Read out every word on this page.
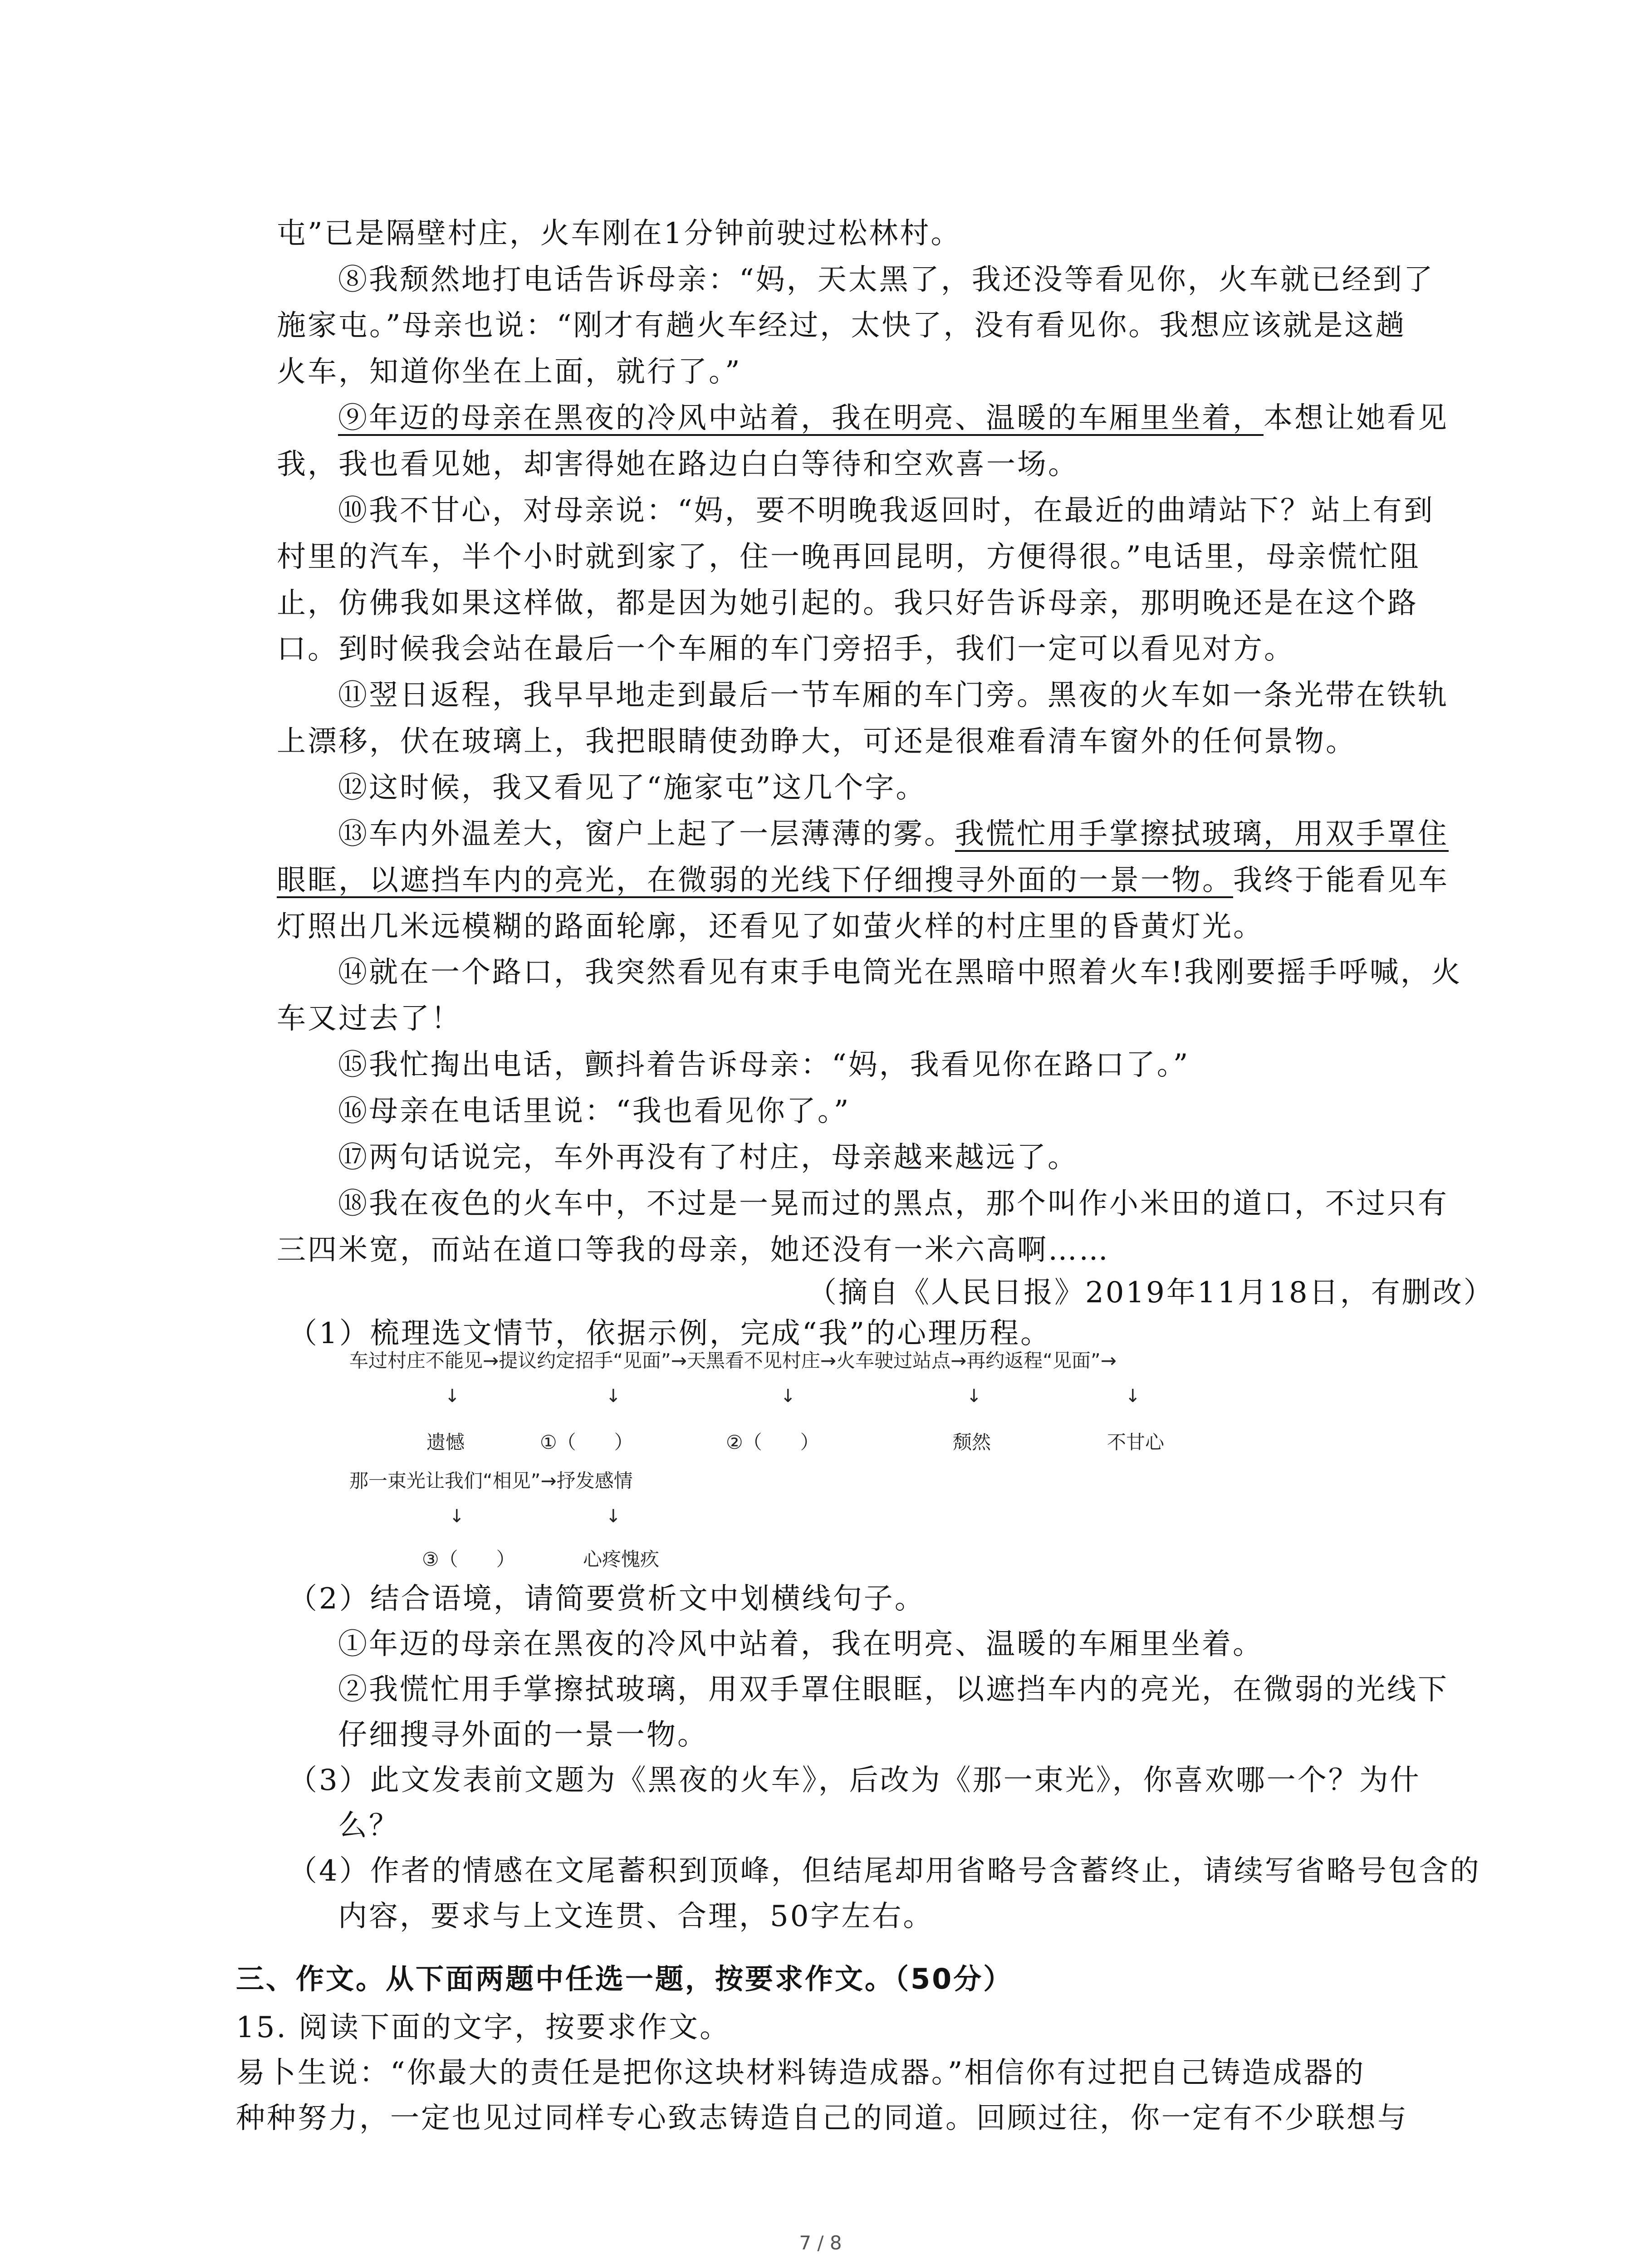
屯”已是隔壁村庄，火车刚在1分钟前驶过松林村。
⑧我颓然地打电话告诉母亲：“妈，天太黑了，我还没等看见你，火车就已经到了
施家屯。”母亲也说：“刚才有趟火车经过，太快了，没有看见你。我想应该就是这趟
火车，知道你坐在上面，就行了。”
⑨年迈的母亲在黑夜的冷风中站着，我在明亮、温暖的车厢里坐着，本想让她看见
我，我也看见她，却害得她在路边白白等待和空欢喜一场。
⑩我不甘心，对母亲说：“妈，要不明晚我返回时，在最近的曲靖站下？站上有到
村里的汽车，半个小时就到家了，住一晚再回昆明，方便得很。”电话里，母亲慌忙阻
止，仿佛我如果这样做，都是因为她引起的。我只好告诉母亲，那明晚还是在这个路
口。到时候我会站在最后一个车厢的车门旁招手，我们一定可以看见对方。
⑪翌日返程，我早早地走到最后一节车厢的车门旁。黑夜的火车如一条光带在铁轨
上漂移，伏在玻璃上，我把眼睛使劲睁大，可还是很难看清车窗外的任何景物。
⑫这时候，我又看见了“施家屯”这几个字。
⑬车内外温差大，窗户上起了一层薄薄的雾。我慌忙用手掌擦拭玻璃，用双手罩住
眼眶，以遮挡车内的亮光，在微弱的光线下仔细搜寻外面的一景一物。我终于能看见车
灯照出几米远模糊的路面轮廓，还看见了如萤火样的村庄里的昏黄灯光。
⑭就在一个路口，我突然看见有束手电筒光在黑暗中照着火车!我刚要摇手呼喊，火
车又过去了！
⑮我忙掏出电话，颤抖着告诉母亲：“妈，我看见你在路口了。”
⑯母亲在电话里说：“我也看见你了。”
⑰两句话说完，车外再没有了村庄，母亲越来越远了。
⑱我在夜色的火车中，不过是一晃而过的黑点，那个叫作小米田的道口，不过只有
三四米宽，而站在道口等我的母亲，她还没有一米六高啊……
（摘自《人民日报》2019年11月18日，有删改）
（1）梳理选文情节，依据示例，完成“我”的心理历程。
车过村庄不能见→提议约定招手“见面”→天黑看不见村庄→火车驶过站点→再约返程“见面”→
↓	↓	↓	↓	↓
遗憾	①（　　）	②（　　）	颓然	不甘心
那一束光让我们“相见”→抒发感情
↓	↓
③（　　）	心疼愧疚
（2）结合语境，请简要赏析文中划横线句子。
①年迈的母亲在黑夜的冷风中站着，我在明亮、温暖的车厢里坐着。
②我慌忙用手掌擦拭玻璃，用双手罩住眼眶，以遮挡车内的亮光，在微弱的光线下
仔细搜寻外面的一景一物。
（3）此文发表前文题为《黑夜的火车》，后改为《那一束光》，你喜欢哪一个？为什
么？
（4）作者的情感在文尾蓄积到顶峰，但结尾却用省略号含蓄终止，请续写省略号包含的
内容，要求与上文连贯、合理，50字左右。
三、作文。从下面两题中任选一题，按要求作文。（50分）
15. 阅读下面的文字，按要求作文。
易卜生说：“你最大的责任是把你这块材料铸造成器。”相信你有过把自己铸造成器的
种种努力，一定也见过同样专心致志铸造自己的同道。回顾过往，你一定有不少联想与
7 / 8
